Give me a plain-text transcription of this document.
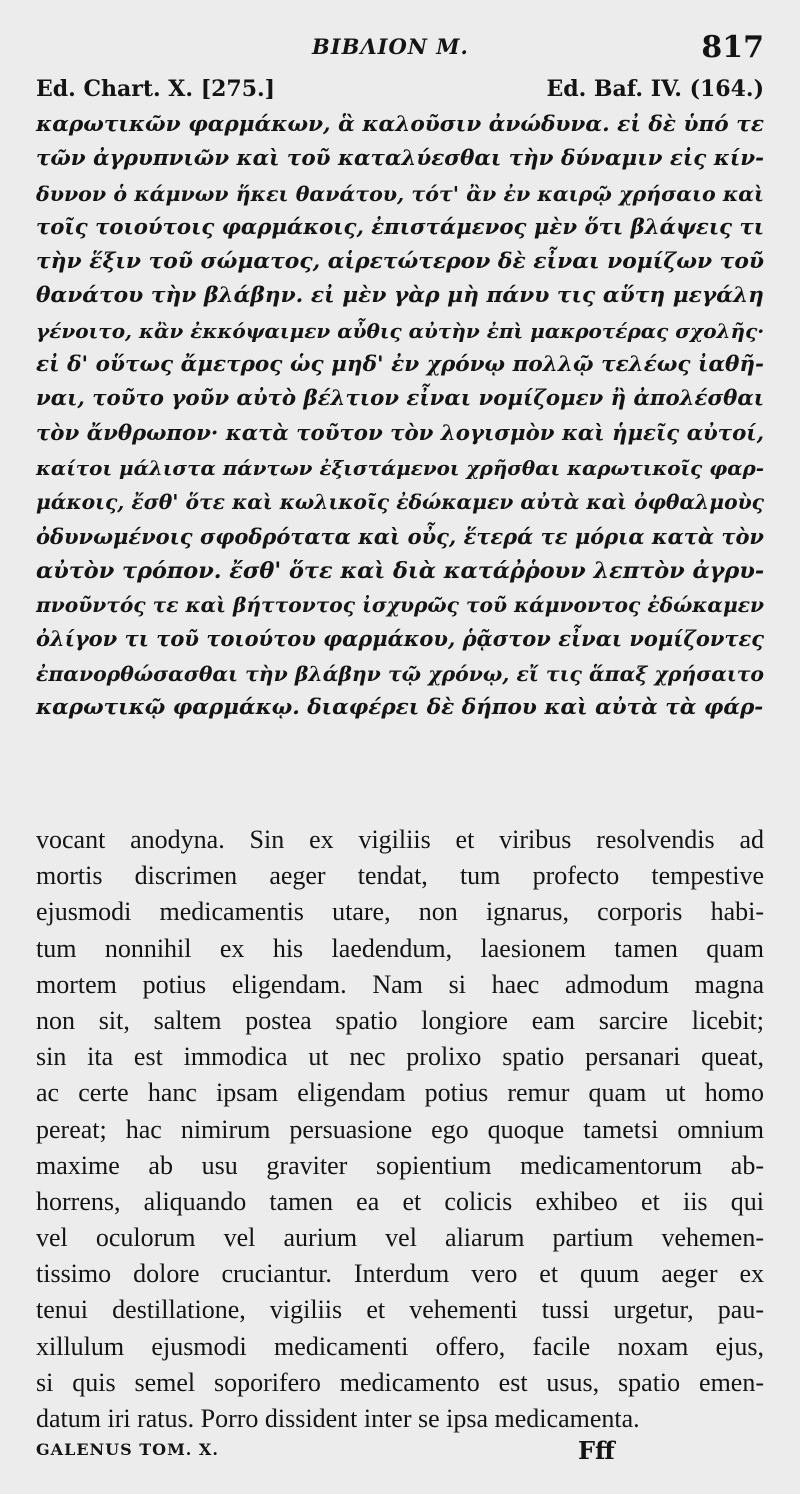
BIBΛΙΟΝ Μ.	817
Ed. Chart. X. [275.]	Ed. Baf. IV. (164.)
καρωτικῶν φαρμάκων, ἃ καλοῦσιν ἀνώδυνα. εἰ δὲ ὑπό τε
τῶν ἀγρυπνιῶν καὶ τοῦ καταλύεσθαι τὴν δύναμιν εἰς κίν-
δυνον ὁ κάμνων ἥκει θανάτου, τότ' ἂν ἐν καιρῷ χρήσαιο καὶ
τοῖς τοιούτοις φαρμάκοις, ἐπιστάμενος μὲν ὅτι βλάψεις τι
τὴν ἕξιν τοῦ σώματος, αἱρετώτερον δὲ εἶναι νομίζων τοῦ
θανάτου τὴν βλάβην. εἰ μὲν γὰρ μὴ πάνυ τις αὕτη μεγάλη
γένοιτο, κἂν ἐκκόψαιμεν αὖθις αὐτὴν ἐπὶ μακροτέρας σχολῆς·
εἰ δ' οὕτως ἄμετρος ὡς μηδ' ἐν χρόνῳ πολλῷ τελέως ἰαθῆ-
ναι, τοῦτο γοῦν αὐτὸ βέλτιον εἶναι νομίζομεν ἢ ἀπολέσθαι
τὸν ἄνθρωπον· κατὰ τοῦτον τὸν λογισμὸν καὶ ἡμεῖς αὐτοί,
καίτοι μάλιστα πάντων ἐξιστάμενοι χρῆσθαι καρωτικοῖς φαρ-
μάκοις, ἔσθ' ὅτε καὶ κωλικοῖς ἐδώκαμεν αὐτὰ καὶ ὀφθαλμοὺς
ὀδυνωμένοις σφοδρότατα καὶ οὖς, ἕτερά τε μόρια κατὰ τὸν
αὐτὸν τρόπον. ἔσθ' ὅτε καὶ διὰ κατάῤῥουν λεπτὸν ἀγρυ-
πνοῦντός τε καὶ βήττοντος ἰσχυρῶς τοῦ κάμνοντος ἐδώκαμεν
ὀλίγον τι τοῦ τοιούτου φαρμάκου, ῥᾷστον εἶναι νομίζοντες
ἐπανορθώσασθαι τὴν βλάβην τῷ χρόνῳ, εἴ τις ἅπαξ χρήσαιτο
καρωτικῷ φαρμάκῳ. διαφέρει δὲ δήπου καὶ αὐτὰ τὰ φάρ-
vocant anodyna. Sin ex vigiliis et viribus resolvendis ad
mortis discrimen aeger tendat, tum profecto tempestive
ejusmodi medicamentis utare, non ignarus, corporis habi-
tum nonnihil ex his laedendum, laesionem tamen quam
mortem potius eligendam. Nam si haec admodum magna
non sit, saltem postea spatio longiore eam sarcire licebit;
sin ita est immodica ut nec prolixo spatio persanari queat,
ac certe hanc ipsam eligendam potius remur quam ut homo
pereat; hac nimirum persuasione ego quoque tametsi omnium
maxime ab usu graviter sopientium medicamentorum ab-
horrens, aliquando tamen ea et colicis exhibeo et iis qui
vel oculorum vel aurium vel aliarum partium vehemen-
tissimo dolore cruciantur. Interdum vero et quum aeger ex
tenui destillatione, vigiliis et vehementi tussi urgetur, pau-
xillulum ejusmodi medicamenti offero, facile noxam ejus,
si quis semel soporifero medicamento est usus, spatio emen-
datum iri ratus. Porro dissident inter se ipsa medicamenta.
GALENUS TOM. X.	Fff
